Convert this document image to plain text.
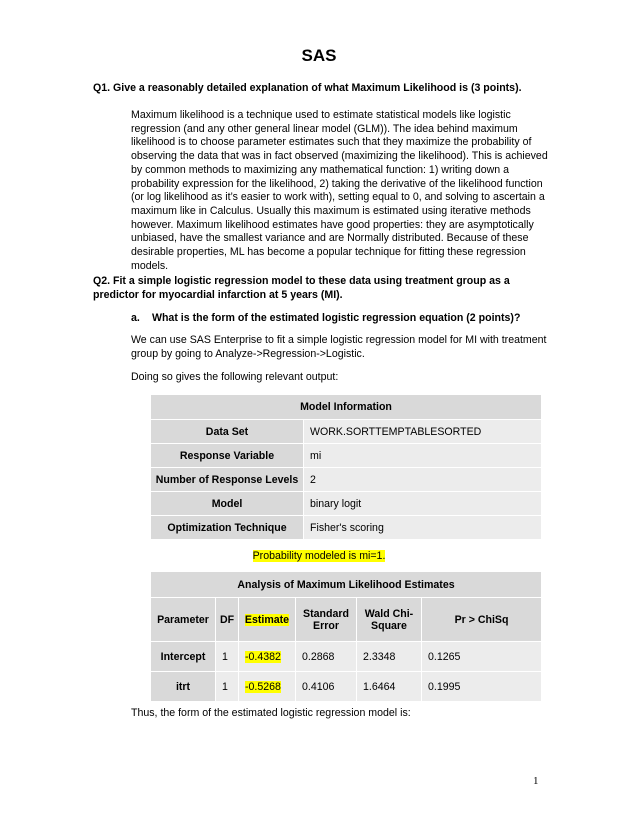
SAS
Q1. Give a reasonably detailed explanation of what Maximum Likelihood is (3 points).
Maximum likelihood is a technique used to estimate statistical models like logistic regression (and any other general linear model (GLM)). The idea behind maximum likelihood is to choose parameter estimates such that they maximize the probability of observing the data that was in fact observed (maximizing the likelihood). This is achieved by common methods to maximizing any mathematical function: 1) writing down a probability expression for the likelihood, 2) taking the derivative of the likelihood function (or log likelihood as it’s easier to work with), setting equal to 0, and solving to ascertain a maximum like in Calculus. Usually this maximum is estimated using iterative methods however. Maximum likelihood estimates have good properties: they are asymptotically unbiased, have the smallest variance and are Normally distributed. Because of these desirable properties, ML has become a popular technique for fitting these regression models.
Q2. Fit a simple logistic regression model to these data using treatment group as a predictor for myocardial infarction at 5 years (MI).
a. What is the form of the estimated logistic regression equation (2 points)?
We can use SAS Enterprise to fit a simple logistic regression model for MI with treatment group by going to Analyze->Regression->Logistic.
Doing so gives the following relevant output:
Model Information	
Data Set	WORK.SORTTEMPTABLESORTED
Response Variable	mi
Number of Response Levels	2
Model	binary logit
Optimization Technique	Fisher's scoring
Probability modeled is mi=1.
Analysis of Maximum Likelihood Estimates					
Parameter	DF	Estimate	Standard Error	Wald Chi-Square	Pr > ChiSq
Intercept	1	-0.4382	0.2868	2.3348	0.1265
itrt	1	-0.5268	0.4106	1.6464	0.1995
Thus, the form of the estimated logistic regression model is:
1
